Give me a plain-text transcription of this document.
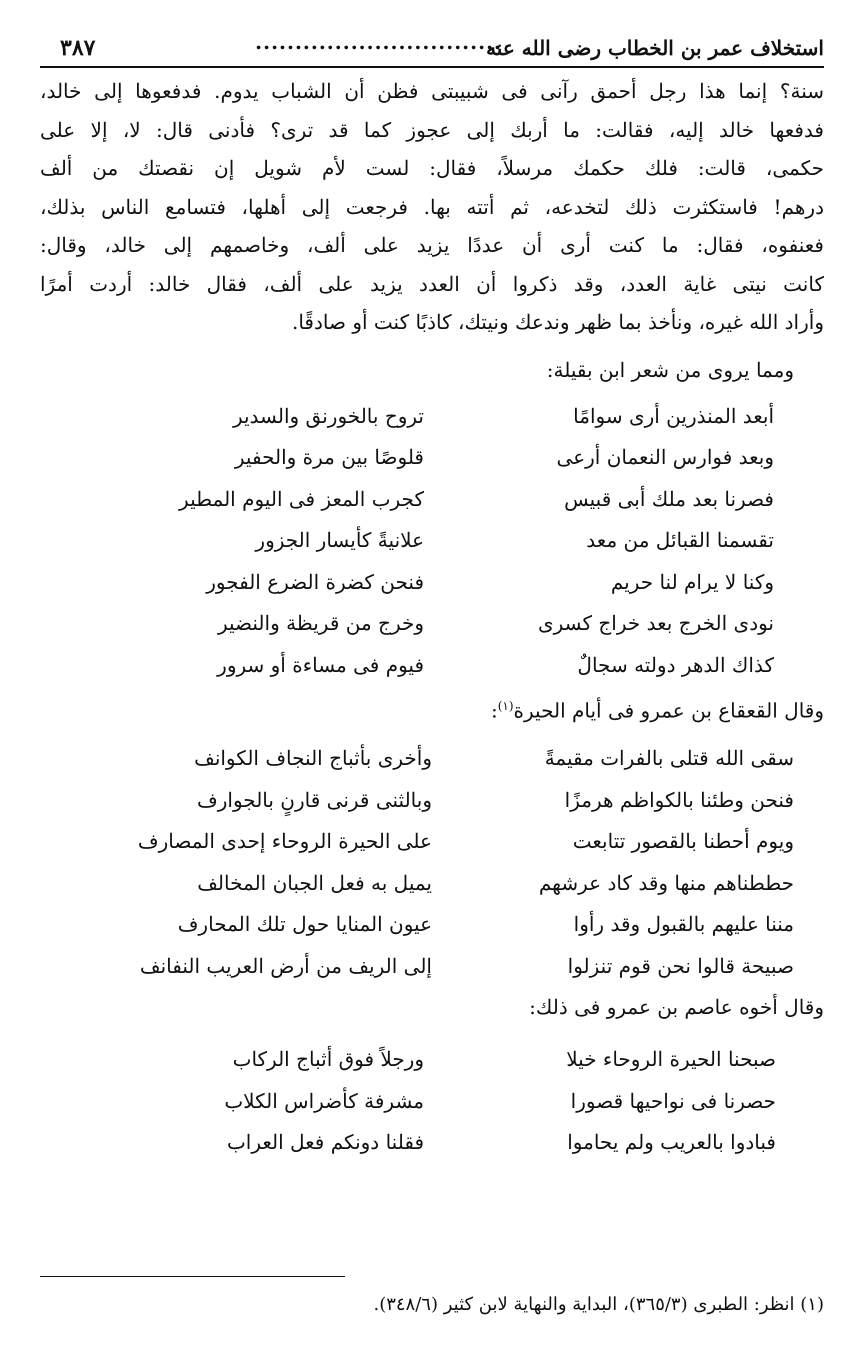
استخلاف عمر بن الخطاب رضى الله عنه
...............................
٣٨٧
سنة؟ إنما هذا رجل أحمق رآنى فى شبيبتى فظن أن الشباب يدوم. فدفعوها إلى خالد،
فدفعها خالد إليه، فقالت: ما أربك إلى عجوز كما قد ترى؟ فأدنى قال: لا، إلا على
حكمى، قالت: فلك حكمك مرسلاً، فقال: لست لأم شويل إن نقصتك من ألف
درهم! فاستكثرت ذلك لتخدعه، ثم أتته بها. فرجعت إلى أهلها، فتسامع الناس بذلك،
فعنفوه، فقال: ما كنت أرى أن عددًا يزيد على ألف، وخاصمهم إلى خالد، وقال:
كانت نيتى غاية العدد، وقد ذكروا أن العدد يزيد على ألف، فقال خالد: أردت أمرًا
وأراد الله غيره، ونأخذ بما ظهر وندعك ونيتك، كاذبًا كنت أو صادقًا.
ومما يروى من شعر ابن بقيلة:
أبعد المنذرين أرى سوامًا
تروح بالخورنق والسدير
وبعد فوارس النعمان أرعى
قلوصًا بين مرة والحفير
فصرنا بعد ملك أبى قبيس
كجرب المعز فى اليوم المطير
تقسمنا القبائل من معد
علانيةً كأيسار الجزور
وكنا لا يرام لنا حريم
فنحن كضرة الضرع الفجور
نودى الخرج بعد خراج كسرى
وخرج من قريظة والنضير
كذاك الدهر دولته سجالٌ
فيوم فى مساءة أو سرور
وقال القعقاع بن عمرو فى أيام الحيرة$^{(١)}$:
سقى الله قتلى بالفرات مقيمةً
وأخرى بأثباج النجاف الكوانف
فنحن وطئنا بالكواظم هرمزًا
وبالثنى قرنى قارنٍ بالجوارف
ويوم أحطنا بالقصور تتابعت
على الحيرة الروحاء إحدى المصارف
حططناهم منها وقد كاد عرشهم
يميل به فعل الجبان المخالف
مننا عليهم بالقبول وقد رأوا
عيون المنايا حول تلك المحارف
صبيحة قالوا نحن قوم تنزلوا
إلى الريف من أرض العريب النفانف
وقال أخوه عاصم بن عمرو فى ذلك:
صبحنا الحيرة الروحاء خيلا
ورجلاً فوق أثباج الركاب
حصرنا فى نواحيها قصورا
مشرفة كأضراس الكلاب
فبادوا بالعريب ولم يحاموا
فقلنا دونكم فعل العراب
(١) انظر: الطبرى (٣٦٥/٣)، البداية والنهاية لابن كثير (٣٤٨/٦).
